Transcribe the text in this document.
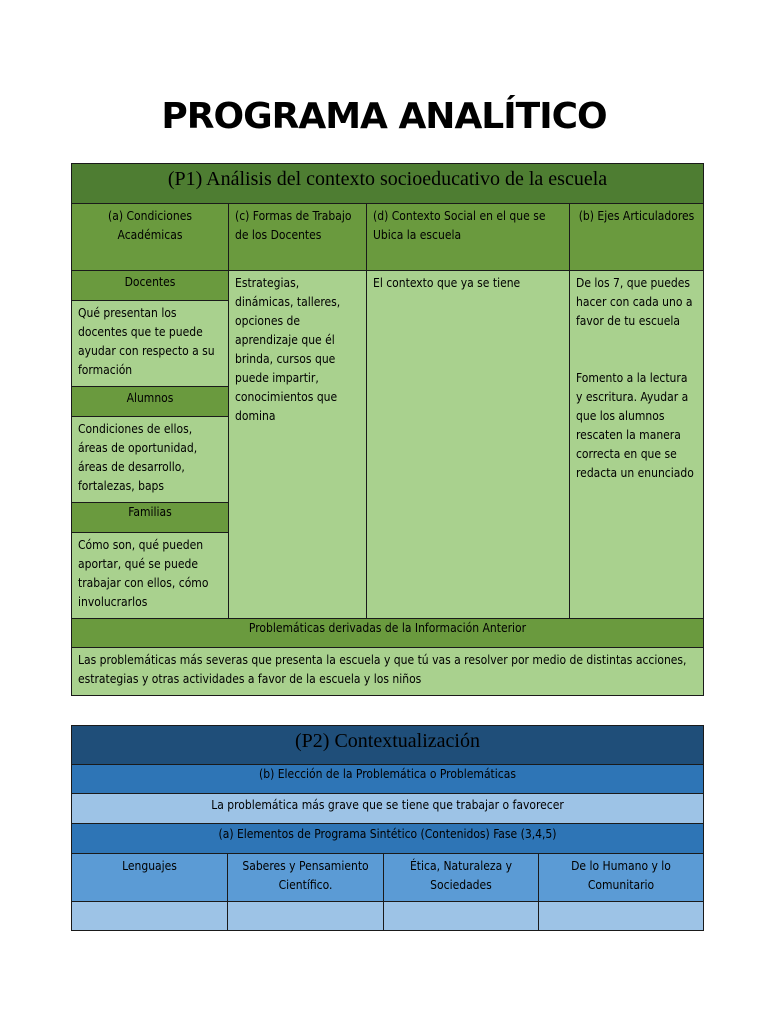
PROGRAMA ANALÍTICO
(P1) Análisis del contexto socioeducativo de la escuela
(a) Condiciones Académicas
(c) Formas de Trabajo de los Docentes
(d) Contexto Social en el que se Ubica la escuela
(b) Ejes Articuladores
Docentes
Qué presentan los docentes que te puede ayudar con respecto a su formación
Alumnos
Condiciones de ellos, áreas de oportunidad, áreas de desarrollo, fortalezas, baps
Familias
Cómo son, qué pueden aportar, qué se puede trabajar con ellos, cómo involucrarlos
Estrategias, dinámicas, talleres, opciones de aprendizaje que él brinda, cursos que puede impartir, conocimientos que domina
El contexto que ya se tiene	De los 7, que puedes hacer con cada uno a favor de tu escuela
Fomento a la lectura y escritura. Ayudar a que los alumnos rescaten la manera correcta en que se redacta un enunciado
Problemáticas derivadas de la Información Anterior
Las problemáticas más severas que presenta la escuela y que tú vas a resolver por medio de distintas acciones, estrategias y otras actividades a favor de la escuela y los niños
(P2) Contextualización
(b) Elección de la Problemática o Problemáticas
La problemática más grave que se tiene que trabajar o favorecer
(a) Elementos de Programa Sintético (Contenidos) Fase (3,4,5)
Lenguajes	Saberes y Pensamiento Científico.
Ética, Naturaleza y Sociedades
De lo Humano y lo Comunitario
